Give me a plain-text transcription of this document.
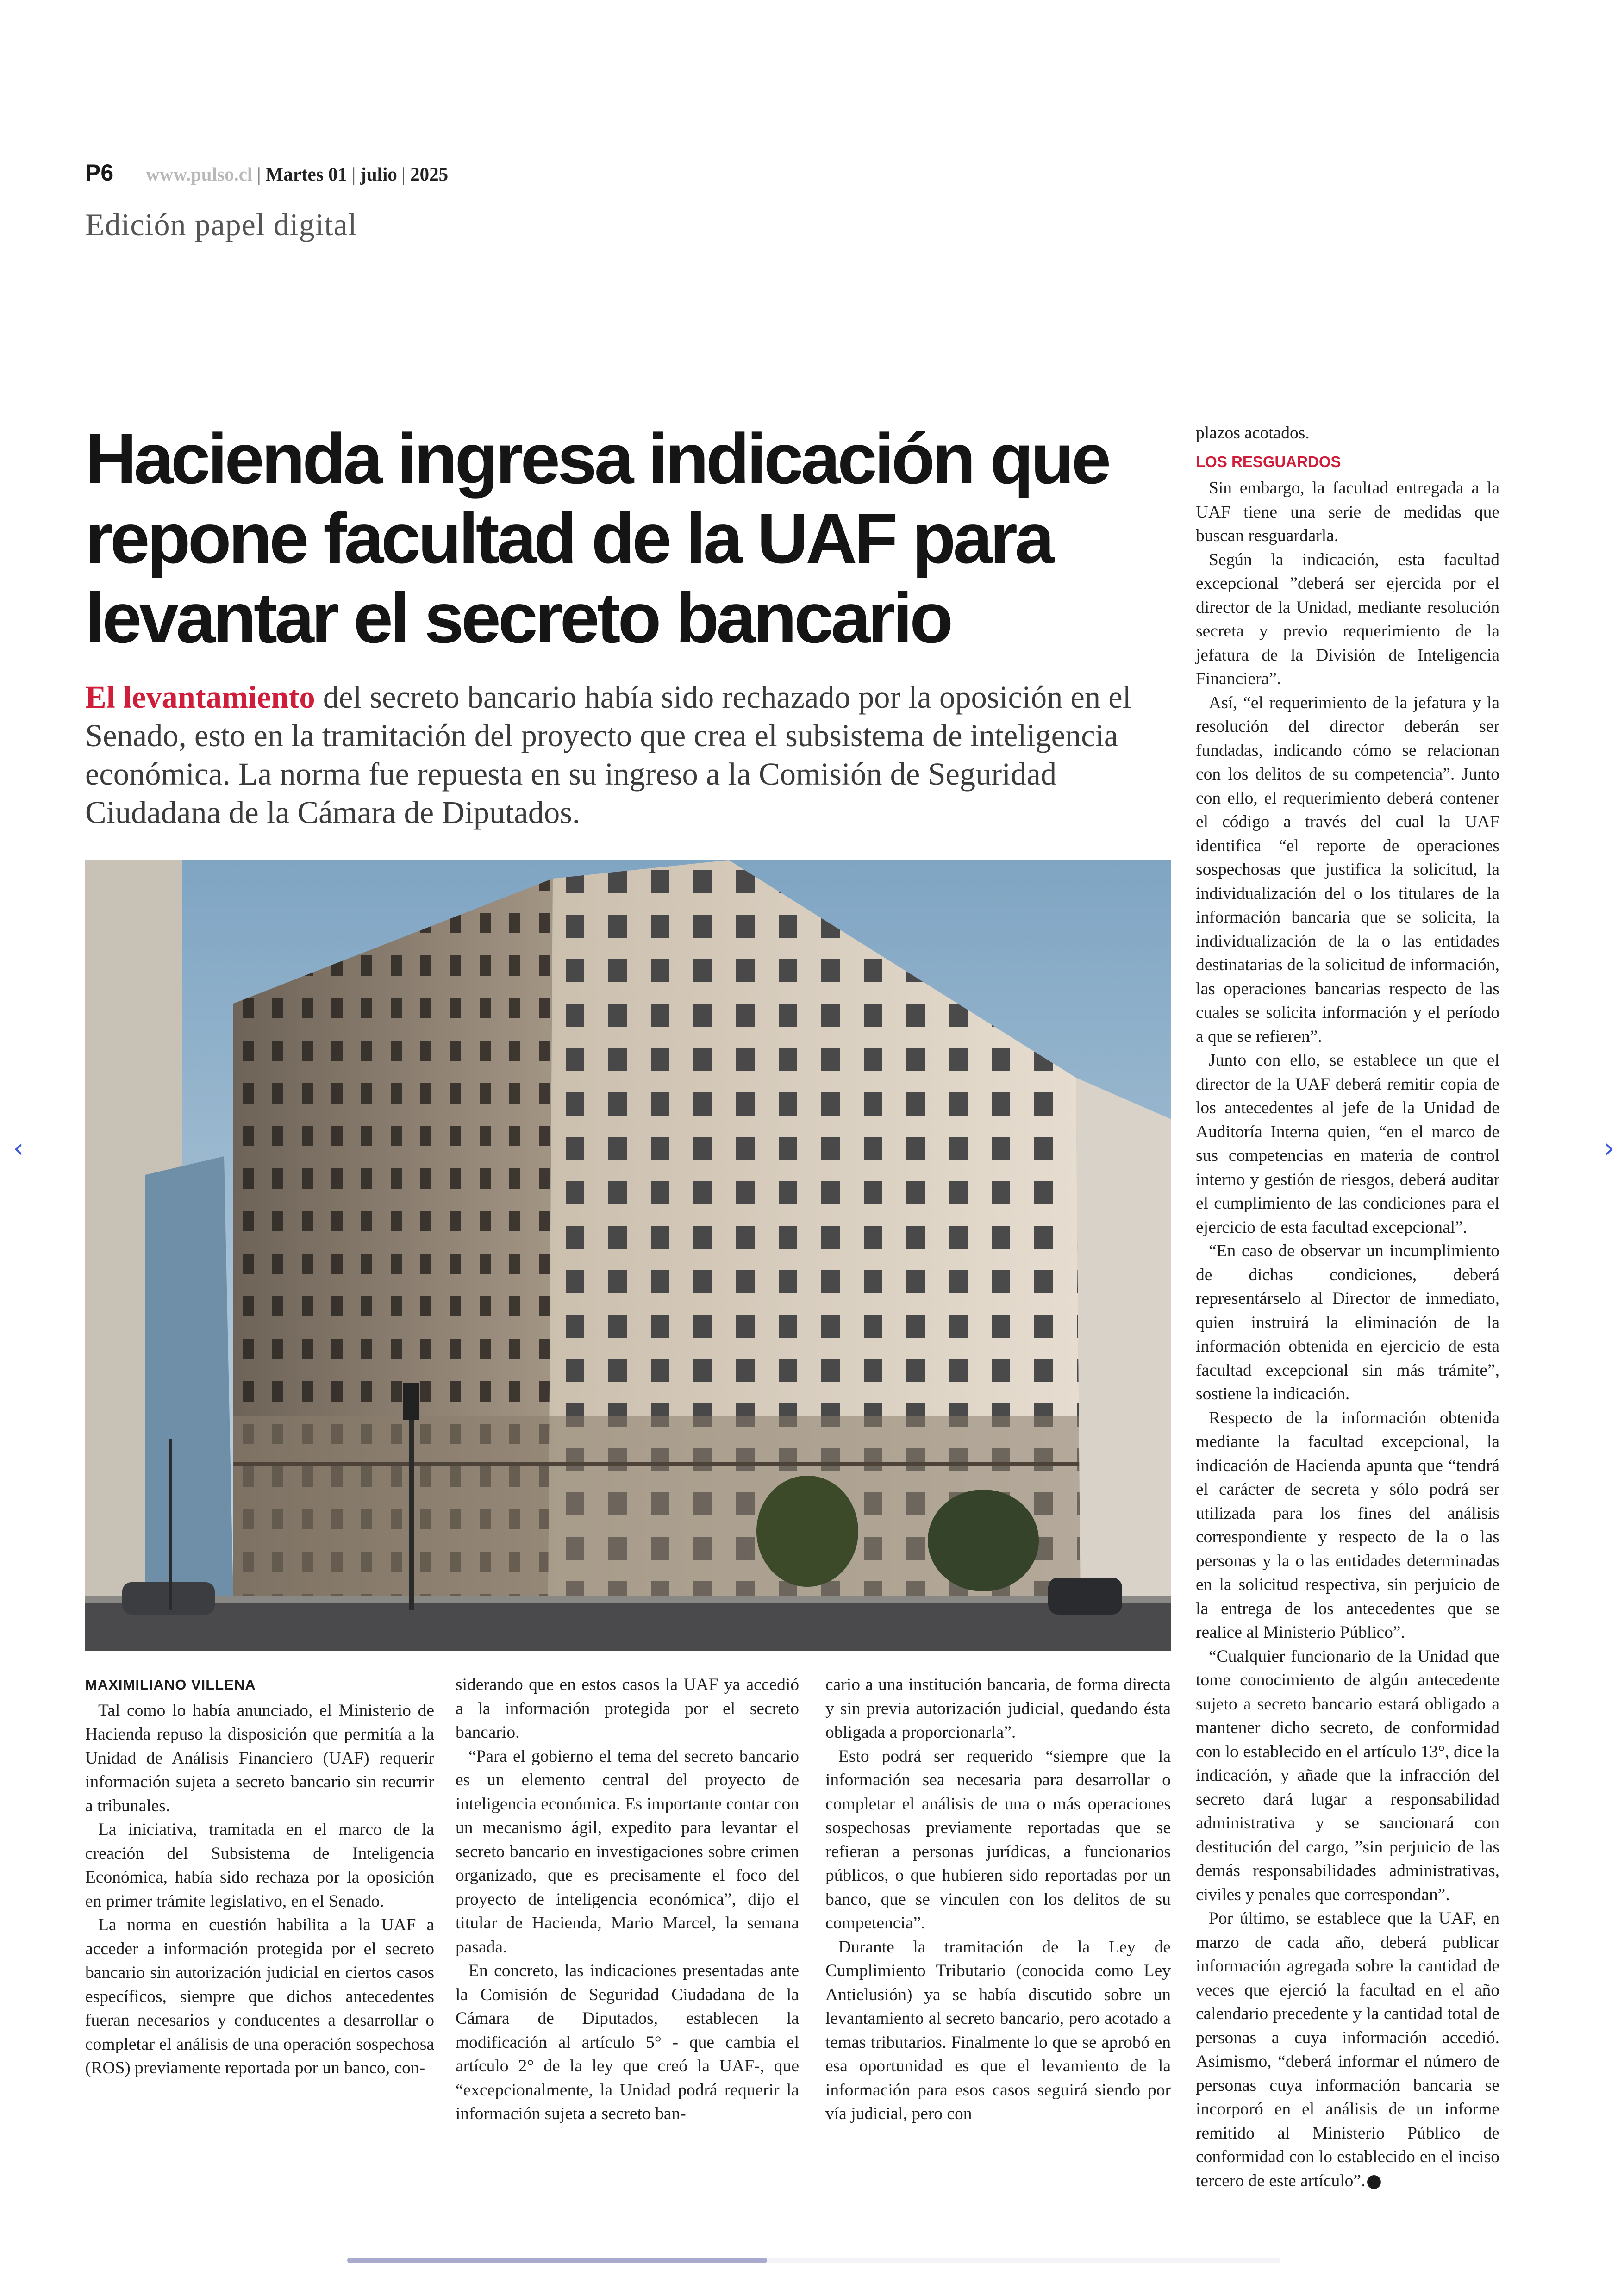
P6 www.pulso.cl | Martes 01 | julio | 2025
Edición papel digital
Hacienda ingresa indicación que repone facultad de la UAF para levantar el secreto bancario
El levantamiento del secreto bancario había sido rechazado por la oposición en el Senado, esto en la tramitación del proyecto que crea el subsistema de inteligencia económica. La norma fue repuesta en su ingreso a la Comisión de Seguridad Ciudadana de la Cámara de Diputados.
MAXIMILIANO VILLENA

Tal como lo había anunciado, el Ministerio de Hacienda repuso la disposición que permitía a la Unidad de Análisis Financiero (UAF) requerir información sujeta a secreto bancario sin recurrir a tribunales.

La iniciativa, tramitada en el marco de la creación del Subsistema de Inteligencia Económica, había sido rechaza por la oposición en primer trámite legislativo, en el Senado.

La norma en cuestión habilita a la UAF a acceder a información protegida por el secreto bancario sin autorización judicial en ciertos casos específicos, siempre que dichos antecedentes fueran necesarios y conducentes a desarrollar o completar el análisis de una operación sospechosa (ROS) previamente reportada por un banco, con-

siderando que en estos casos la UAF ya accedió a la información protegida por el secreto bancario.

“Para el gobierno el tema del secreto bancario es un elemento central del proyecto de inteligencia económica. Es importante contar con un mecanismo ágil, expedito para levantar el secreto bancario en investigaciones sobre crimen organizado, que es precisamente el foco del proyecto de inteligencia económica”, dijo el titular de Hacienda, Mario Marcel, la semana pasada.

En concreto, las indicaciones presentadas ante la Comisión de Seguridad Ciudadana de la Cámara de Diputados, establecen la modificación al artículo 5° - que cambia el artículo 2° de la ley que creó la UAF-, que “excepcionalmente, la Unidad podrá requerir la información sujeta a secreto ban-

cario a una institución bancaria, de forma directa y sin previa autorización judicial, quedando ésta obligada a proporcionarla”.

Esto podrá ser requerido “siempre que la información sea necesaria para desarrollar o completar el análisis de una o más operaciones sospechosas previamente reportadas que se refieran a personas jurídicas, a funcionarios públicos, o que hubieren sido reportadas por un banco, que se vinculen con los delitos de su competencia”.

Durante la tramitación de la Ley de Cumplimiento Tributario (conocida como Ley Antielusión) ya se había discutido sobre un levantamiento al secreto bancario, pero acotado a temas tributarios. Finalmente lo que se aprobó en esa oportunidad es que el levamiento de la información para esos casos seguirá siendo por vía judicial, pero con

plazos acotados.

LOS RESGUARDOS

Sin embargo, la facultad entregada a la UAF tiene una serie de medidas que buscan resguardarla.

Según la indicación, esta facultad excepcional ”deberá ser ejercida por el director de la Unidad, mediante resolución secreta y previo requerimiento de la jefatura de la División de Inteligencia Financiera”.

Así, “el requerimiento de la jefatura y la resolución del director deberán ser fundadas, indicando cómo se relacionan con los delitos de su competencia”. Junto con ello, el requerimiento deberá contener el código a través del cual la UAF identifica “el reporte de operaciones sospechosas que justifica la solicitud, la individualización del o los titulares de la información bancaria que se solicita, la individualización de la o las entidades destinatarias de la solicitud de información, las operaciones bancarias respecto de las cuales se solicita información y el período a que se refieren”.

Junto con ello, se establece un que el director de la UAF deberá remitir copia de los antecedentes al jefe de la Unidad de Auditoría Interna quien, “en el marco de sus competencias en materia de control interno y gestión de riesgos, deberá auditar el cumplimiento de las condiciones para el ejercicio de esta facultad excepcional”.

“En caso de observar un incumplimiento de dichas condiciones, deberá representárselo al Director de inmediato, quien instruirá la eliminación de la información obtenida en ejercicio de esta facultad excepcional sin más trámite”, sostiene la indicación.

Respecto de la información obtenida mediante la facultad excepcional, la indicación de Hacienda apunta que “tendrá el carácter de secreta y sólo podrá ser utilizada para los fines del análisis correspondiente y respecto de la o las personas y la o las entidades determinadas en la solicitud respectiva, sin perjuicio de la entrega de los antecedentes que se realice al Ministerio Público”.

“Cualquier funcionario de la Unidad que tome conocimiento de algún antecedente sujeto a secreto bancario estará obligado a mantener dicho secreto, de conformidad con lo establecido en el artículo 13°, dice la indicación, y añade que la infracción del secreto dará lugar a responsabilidad administrativa y se sancionará con destitución del cargo, ”sin perjuicio de las demás responsabilidades administrativas, civiles y penales que correspondan”.

Por último, se establece que la UAF, en marzo de cada año, deberá publicar información agregada sobre la cantidad de veces que ejerció la facultad en el año calendario precedente y la cantidad total de personas a cuya información accedió. Asimismo, “deberá informar el número de personas cuya información bancaria se incorporó en el análisis de un informe remitido al Ministerio Público de conformidad con lo establecido en el inciso tercero de este artículo”. P

‹	›
